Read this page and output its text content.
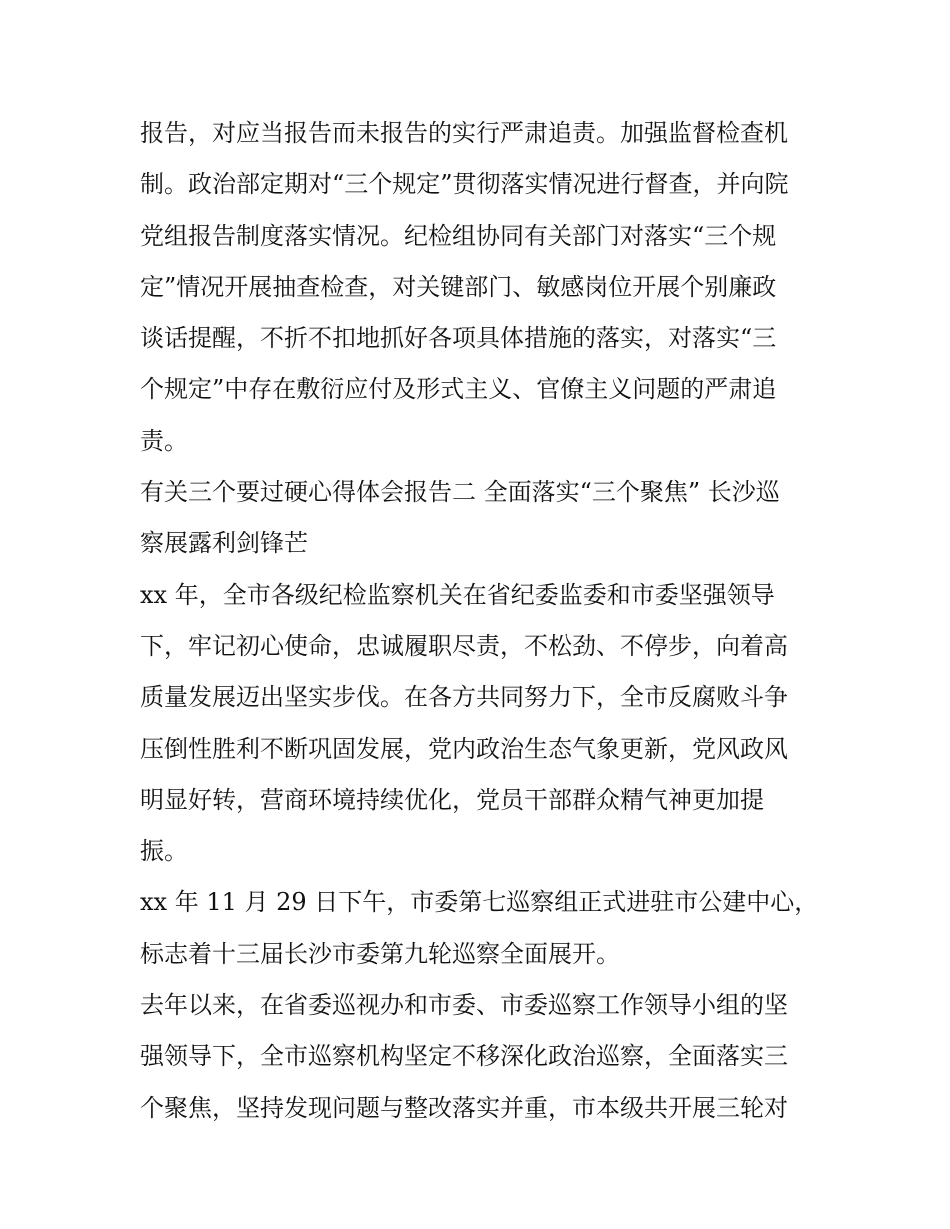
报告，对应当报告而未报告的实行严肃追责。加强监督检查机
制。政治部定期对“三个规定”贯彻落实情况进行督查，并向院
党组报告制度落实情况。纪检组协同有关部门对落实“三个规
定”情况开展抽查检查，对关键部门、敏感岗位开展个别廉政
谈话提醒，不折不扣地抓好各项具体措施的落实，对落实“三
个规定”中存在敷衍应付及形式主义、官僚主义问题的严肃追
责。
有关三个要过硬心得体会报告二 全面落实“三个聚焦” 长沙巡
察展露利剑锋芒
xx 年，全市各级纪检监察机关在省纪委监委和市委坚强领导
下，牢记初心使命，忠诚履职尽责，不松劲、不停步，向着高
质量发展迈出坚实步伐。在各方共同努力下，全市反腐败斗争
压倒性胜利不断巩固发展，党内政治生态气象更新，党风政风
明显好转，营商环境持续优化，党员干部群众精气神更加提
振。
xx 年 11 月 29 日下午，市委第七巡察组正式进驻市公建中心，
标志着十三届长沙市委第九轮巡察全面展开。
去年以来，在省委巡视办和市委、市委巡察工作领导小组的坚
强领导下，全市巡察机构坚定不移深化政治巡察，全面落实三
个聚焦，坚持发现问题与整改落实并重，市本级共开展三轮对
